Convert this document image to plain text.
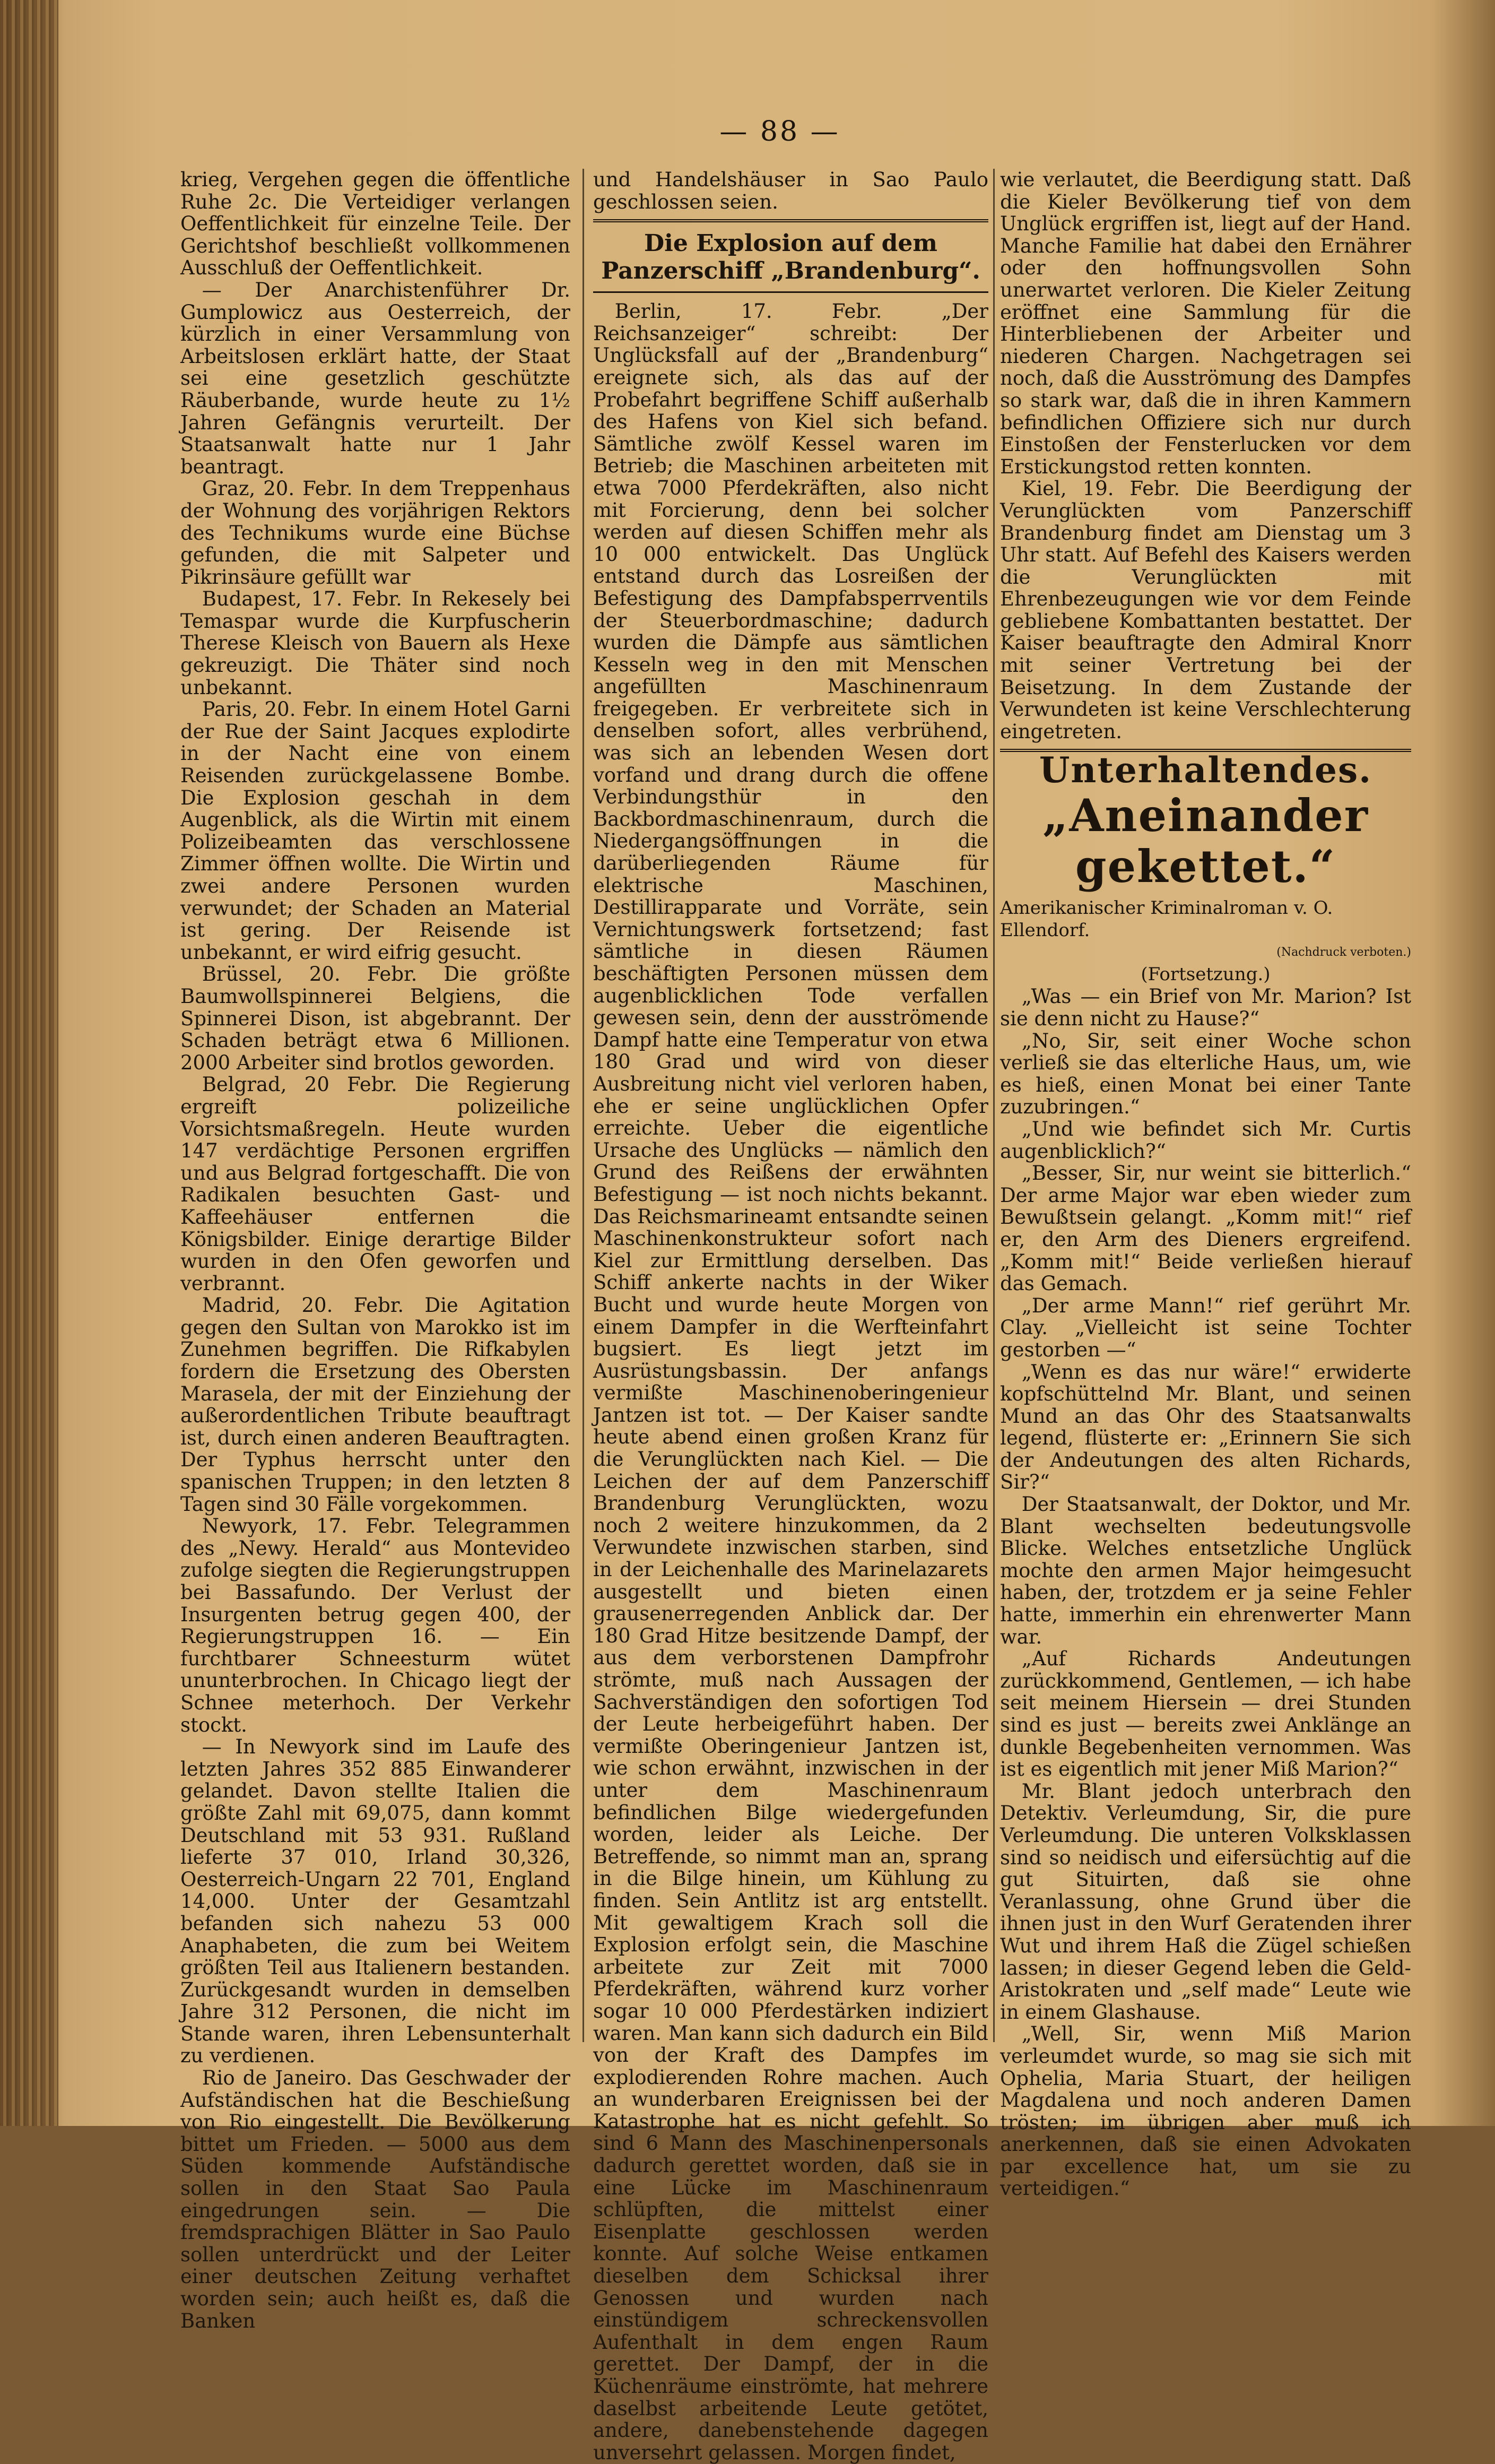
— 88 —

krieg, Vergehen gegen die öffentliche Ruhe 2c. Die Verteidiger verlangen Oeffentlichkeit für einzelne Teile. Der Gerichtshof beschließt vollkommenen Ausschluß der Oeffentlichkeit.

— Der Anarchistenführer Dr. Gumplowicz aus Oesterreich, der kürzlich in einer Versammlung von Arbeitslosen erklärt hatte, der Staat sei eine gesetzlich geschützte Räuberbande, wurde heute zu 1½ Jahren Gefängnis verurteilt. Der Staatsanwalt hatte nur 1 Jahr beantragt.

Graz, 20. Febr. In dem Treppenhaus der Wohnung des vorjährigen Rektors des Technikums wurde eine Büchse gefunden, die mit Salpeter und Pikrinsäure gefüllt war

Budapest, 17. Febr. In Rekesely bei Temaspar wurde die Kurpfuscherin Therese Kleisch von Bauern als Hexe gekreuzigt. Die Thäter sind noch unbekannt.

Paris, 20. Febr. In einem Hotel Garni der Rue der Saint Jacques explodirte in der Nacht eine von einem Reisenden zurückgelassene Bombe. Die Explosion geschah in dem Augenblick, als die Wirtin mit einem Polizeibeamten das verschlossene Zimmer öffnen wollte. Die Wirtin und zwei andere Personen wurden verwundet; der Schaden an Material ist gering. Der Reisende ist unbekannt, er wird eifrig gesucht.

Brüssel, 20. Febr. Die größte Baumwollspinnerei Belgiens, die Spinnerei Dison, ist abgebrannt. Der Schaden beträgt etwa 6 Millionen. 2000 Arbeiter sind brotlos geworden.

Belgrad, 20 Febr. Die Regierung ergreift polizeiliche Vorsichtsmaßregeln. Heute wurden 147 verdächtige Personen ergriffen und aus Belgrad fortgeschafft. Die von Radikalen besuchten Gast- und Kaffeehäuser entfernen die Königsbilder. Einige derartige Bilder wurden in den Ofen geworfen und verbrannt.

Madrid, 20. Febr. Die Agitation gegen den Sultan von Marokko ist im Zunehmen begriffen. Die Rifkabylen fordern die Ersetzung des Obersten Marasela, der mit der Einziehung der außerordentlichen Tribute beauftragt ist, durch einen anderen Beauftragten. Der Typhus herrscht unter den spanischen Truppen; in den letzten 8 Tagen sind 30 Fälle vorgekommen.

Newyork, 17. Febr. Telegrammen des „Newy. Herald“ aus Montevideo zufolge siegten die Regierungstruppen bei Bassafundo. Der Verlust der Insurgenten betrug gegen 400, der Regierungstruppen 16. — Ein furchtbarer Schneesturm wütet ununterbrochen. In Chicago liegt der Schnee meterhoch. Der Verkehr stockt.

— In Newyork sind im Laufe des letzten Jahres 352 885 Einwanderer gelandet. Davon stellte Italien die größte Zahl mit 69,075, dann kommt Deutschland mit 53 931. Rußland lieferte 37 010, Irland 30,326, Oesterreich-Ungarn 22 701, England 14,000. Unter der Gesamtzahl befanden sich nahezu 53 000 Anaphabeten, die zum bei Weitem größten Teil aus Italienern bestanden. Zurückgesandt wurden in demselben Jahre 312 Personen, die nicht im Stande waren, ihren Lebensunterhalt zu verdienen.

Rio de Janeiro. Das Geschwader der Aufständischen hat die Beschießung von Rio eingestellt. Die Bevölkerung bittet um Frieden. — 5000 aus dem Süden kommende Aufständische sollen in den Staat Sao Paula eingedrungen sein. — Die fremdsprachigen Blätter in Sao Paulo sollen unterdrückt und der Leiter einer deutschen Zeitung verhaftet worden sein; auch heißt es, daß die Banken

und Handelshäuser in Sao Paulo geschlossen seien.

Die Explosion auf dem Panzerschiff „Brandenburg“.

Berlin, 17. Febr. „Der Reichsanzeiger“ schreibt: Der Unglücksfall auf der „Brandenburg“ ereignete sich, als das auf der Probefahrt begriffene Schiff außerhalb des Hafens von Kiel sich befand. Sämtliche zwölf Kessel waren im Betrieb; die Maschinen arbeiteten mit etwa 7000 Pferdekräften, also nicht mit Forcierung, denn bei solcher werden auf diesen Schiffen mehr als 10 000 entwickelt. Das Unglück entstand durch das Losreißen der Befestigung des Dampfabsperrventils der Steuerbordmaschine; dadurch wurden die Dämpfe aus sämtlichen Kesseln weg in den mit Menschen angefüllten Maschinenraum freigegeben. Er verbreitete sich in denselben sofort, alles verbrühend, was sich an lebenden Wesen dort vorfand und drang durch die offene Verbindungsthür in den Backbordmaschinenraum, durch die Niedergangsöffnungen in die darüberliegenden Räume für elektrische Maschinen, Destillirapparate und Vorräte, sein Vernichtungswerk fortsetzend; fast sämtliche in diesen Räumen beschäftigten Personen müssen dem augenblicklichen Tode verfallen gewesen sein, denn der ausströmende Dampf hatte eine Temperatur von etwa 180 Grad und wird von dieser Ausbreitung nicht viel verloren haben, ehe er seine unglücklichen Opfer erreichte. Ueber die eigentliche Ursache des Unglücks — nämlich den Grund des Reißens der erwähnten Befestigung — ist noch nichts bekannt. Das Reichsmarineamt entsandte seinen Maschinenkonstrukteur sofort nach Kiel zur Ermittlung derselben. Das Schiff ankerte nachts in der Wiker Bucht und wurde heute Morgen von einem Dampfer in die Werfteinfahrt bugsiert. Es liegt jetzt im Ausrüstungsbassin. Der anfangs vermißte Maschinenoberingenieur Jantzen ist tot. — Der Kaiser sandte heute abend einen großen Kranz für die Verunglückten nach Kiel. — Die Leichen der auf dem Panzerschiff Brandenburg Verunglückten, wozu noch 2 weitere hinzukommen, da 2 Verwundete inzwischen starben, sind in der Leichenhalle des Marinelazarets ausgestellt und bieten einen grausenerregenden Anblick dar. Der 180 Grad Hitze besitzende Dampf, der aus dem verborstenen Dampfrohr strömte, muß nach Aussagen der Sachverständigen den sofortigen Tod der Leute herbeigeführt haben. Der vermißte Oberingenieur Jantzen ist, wie schon erwähnt, inzwischen in der unter dem Maschinenraum befindlichen Bilge wiedergefunden worden, leider als Leiche. Der Betreffende, so nimmt man an, sprang in die Bilge hinein, um Kühlung zu finden. Sein Antlitz ist arg entstellt. Mit gewaltigem Krach soll die Explosion erfolgt sein, die Maschine arbeitete zur Zeit mit 7000 Pferdekräften, während kurz vorher sogar 10 000 Pferdestärken indiziert waren. Man kann sich dadurch ein Bild von der Kraft des Dampfes im explodierenden Rohre machen. Auch an wunderbaren Ereignissen bei der Katastrophe hat es nicht gefehlt. So sind 6 Mann des Maschinenpersonals dadurch gerettet worden, daß sie in eine Lücke im Maschinenraum schlüpften, die mittelst einer Eisenplatte geschlossen werden konnte. Auf solche Weise entkamen dieselben dem Schicksal ihrer Genossen und wurden nach einstündigem schreckensvollen Aufenthalt in dem engen Raum gerettet. Der Dampf, der in die Küchenräume einströmte, hat mehrere daselbst arbeitende Leute getötet, andere, danebenstehende dagegen unversehrt gelassen. Morgen findet,

wie verlautet, die Beerdigung statt. Daß die Kieler Bevölkerung tief von dem Unglück ergriffen ist, liegt auf der Hand. Manche Familie hat dabei den Ernährer oder den hoffnungsvollen Sohn unerwartet verloren. Die Kieler Zeitung eröffnet eine Sammlung für die Hinterbliebenen der Arbeiter und niederen Chargen. Nachgetragen sei noch, daß die Ausströmung des Dampfes so stark war, daß die in ihren Kammern befindlichen Offiziere sich nur durch Einstoßen der Fensterlucken vor dem Erstickungstod retten konnten.

Kiel, 19. Febr. Die Beerdigung der Verunglückten vom Panzerschiff Brandenburg findet am Dienstag um 3 Uhr statt. Auf Befehl des Kaisers werden die Verunglückten mit Ehrenbezeugungen wie vor dem Feinde gebliebene Kombattanten bestattet. Der Kaiser beauftragte den Admiral Knorr mit seiner Vertretung bei der Beisetzung. In dem Zustande der Verwundeten ist keine Verschlechterung eingetreten.

Unterhaltendes.
„Aneinander gekettet.“

Amerikanischer Kriminalroman v. O. Ellendorf.

(Nachdruck verboten.)

(Fortsetzung.)

„Was — ein Brief von Mr. Marion? Ist sie denn nicht zu Hause?“

„No, Sir, seit einer Woche schon verließ sie das elterliche Haus, um, wie es hieß, einen Monat bei einer Tante zuzubringen.“

„Und wie befindet sich Mr. Curtis augenblicklich?“

„Besser, Sir, nur weint sie bitterlich.“ Der arme Major war eben wieder zum Bewußtsein gelangt. „Komm mit!“ rief er, den Arm des Dieners ergreifend. „Komm mit!“ Beide verließen hierauf das Gemach.

„Der arme Mann!“ rief gerührt Mr. Clay. „Vielleicht ist seine Tochter gestorben —“

„Wenn es das nur wäre!“ erwiderte kopfschüttelnd Mr. Blant, und seinen Mund an das Ohr des Staatsanwalts legend, flüsterte er: „Erinnern Sie sich der Andeutungen des alten Richards, Sir?“

Der Staatsanwalt, der Doktor, und Mr. Blant wechselten bedeutungsvolle Blicke. Welches entsetzliche Unglück mochte den armen Major heimgesucht haben, der, trotzdem er ja seine Fehler hatte, immerhin ein ehrenwerter Mann war.

„Auf Richards Andeutungen zurückkommend, Gentlemen, — ich habe seit meinem Hiersein — drei Stunden sind es just — bereits zwei Anklänge an dunkle Begebenheiten vernommen. Was ist es eigentlich mit jener Miß Marion?“

Mr. Blant jedoch unterbrach den Detektiv. Verleumdung, Sir, die pure Verleumdung. Die unteren Volksklassen sind so neidisch und eifersüchtig auf die gut Situirten, daß sie ohne Veranlassung, ohne Grund über die ihnen just in den Wurf Geratenden ihrer Wut und ihrem Haß die Zügel schießen lassen; in dieser Gegend leben die Geld-Aristokraten und „self made“ Leute wie in einem Glashause.

„Well, Sir, wenn Miß Marion verleumdet wurde, so mag sie sich mit Ophelia, Maria Stuart, der heiligen Magdalena und noch anderen Damen trösten; im übrigen aber muß ich anerkennen, daß sie einen Advokaten par excellence hat, um sie zu verteidigen.“
